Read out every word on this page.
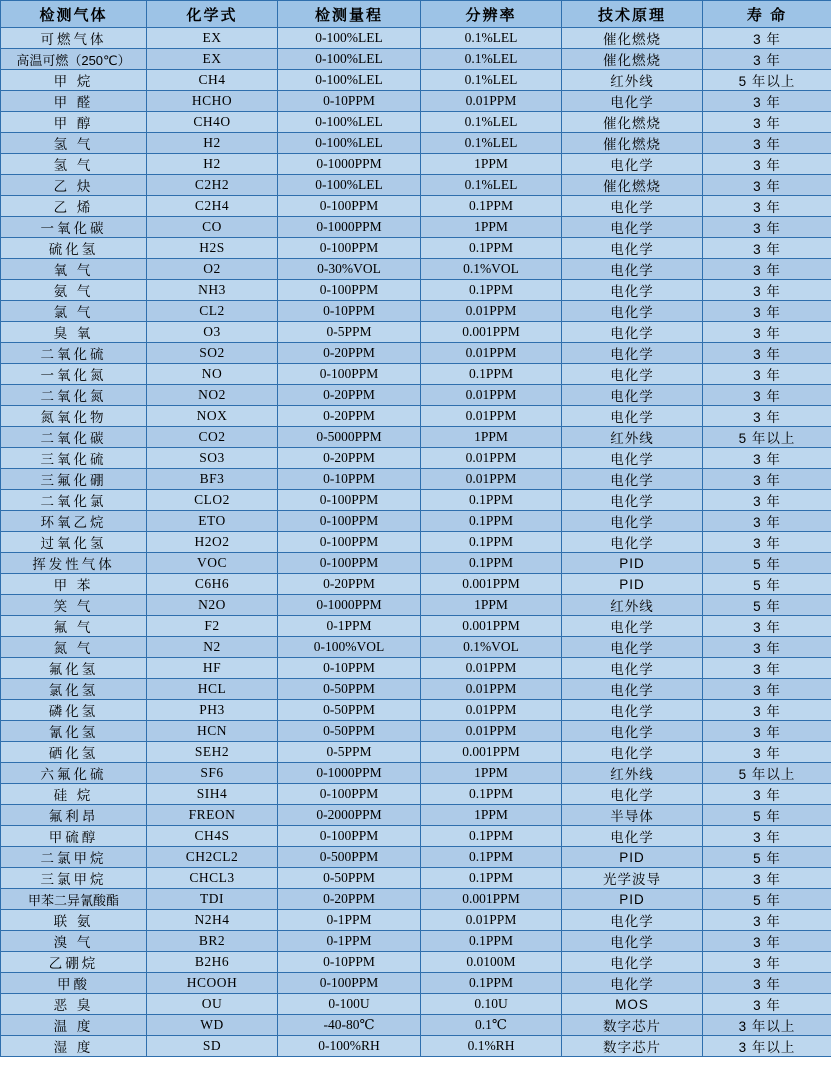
检测气体	化学式	检测量程	分辨率	技术原理	寿 命
可燃气体	EX	0-100%LEL	0.1%LEL	催化燃烧	3 年
高温可燃（250℃）	EX	0-100%LEL	0.1%LEL	催化燃烧	3 年
甲 烷	CH4	0-100%LEL	0.1%LEL	红外线	5 年以上
甲 醛	HCHO	0-10PPM	0.01PPM	电化学	3 年
甲 醇	CH4O	0-100%LEL	0.1%LEL	催化燃烧	3 年
氢 气	H2	0-100%LEL	0.1%LEL	催化燃烧	3 年
氢 气	H2	0-1000PPM	1PPM	电化学	3 年
乙 炔	C2H2	0-100%LEL	0.1%LEL	催化燃烧	3 年
乙 烯	C2H4	0-100PPM	0.1PPM	电化学	3 年
一氧化碳	CO	0-1000PPM	1PPM	电化学	3 年
硫化氢	H2S	0-100PPM	0.1PPM	电化学	3 年
氧 气	O2	0-30%VOL	0.1%VOL	电化学	3 年
氨 气	NH3	0-100PPM	0.1PPM	电化学	3 年
氯 气	CL2	0-10PPM	0.01PPM	电化学	3 年
臭 氧	O3	0-5PPM	0.001PPM	电化学	3 年
二氧化硫	SO2	0-20PPM	0.01PPM	电化学	3 年
一氧化氮	NO	0-100PPM	0.1PPM	电化学	3 年
二氧化氮	NO2	0-20PPM	0.01PPM	电化学	3 年
氮氧化物	NOX	0-20PPM	0.01PPM	电化学	3 年
二氧化碳	CO2	0-5000PPM	1PPM	红外线	5 年以上
三氧化硫	SO3	0-20PPM	0.01PPM	电化学	3 年
三氟化硼	BF3	0-10PPM	0.01PPM	电化学	3 年
二氧化氯	CLO2	0-100PPM	0.1PPM	电化学	3 年
环氧乙烷	ETO	0-100PPM	0.1PPM	电化学	3 年
过氧化氢	H2O2	0-100PPM	0.1PPM	电化学	3 年
挥发性气体	VOC	0-100PPM	0.1PPM	PID	5 年
甲 苯	C6H6	0-20PPM	0.001PPM	PID	5 年
笑 气	N2O	0-1000PPM	1PPM	红外线	5 年
氟 气	F2	0-1PPM	0.001PPM	电化学	3 年
氮 气	N2	0-100%VOL	0.1%VOL	电化学	3 年
氟化氢	HF	0-10PPM	0.01PPM	电化学	3 年
氯化氢	HCL	0-50PPM	0.01PPM	电化学	3 年
磷化氢	PH3	0-50PPM	0.01PPM	电化学	3 年
氰化氢	HCN	0-50PPM	0.01PPM	电化学	3 年
硒化氢	SEH2	0-5PPM	0.001PPM	电化学	3 年
六氟化硫	SF6	0-1000PPM	1PPM	红外线	5 年以上
硅 烷	SIH4	0-100PPM	0.1PPM	电化学	3 年
氟利昂	FREON	0-2000PPM	1PPM	半导体	5 年
甲硫醇	CH4S	0-100PPM	0.1PPM	电化学	3 年
二氯甲烷	CH2CL2	0-500PPM	0.1PPM	PID	5 年
三氯甲烷	CHCL3	0-50PPM	0.1PPM	光学波导	3 年
甲苯二异氰酸酯	TDI	0-20PPM	0.001PPM	PID	5 年
联 氨	N2H4	0-1PPM	0.01PPM	电化学	3 年
溴 气	BR2	0-1PPM	0.1PPM	电化学	3 年
乙硼烷	B2H6	0-10PPM	0.0100M	电化学	3 年
甲酸	HCOOH	0-100PPM	0.1PPM	电化学	3 年
恶 臭	OU	0-100U	0.10U	MOS	3 年
温 度	WD	-40-80℃	0.1℃	数字芯片	3 年以上
湿 度	SD	0-100%RH	0.1%RH	数字芯片	3 年以上
